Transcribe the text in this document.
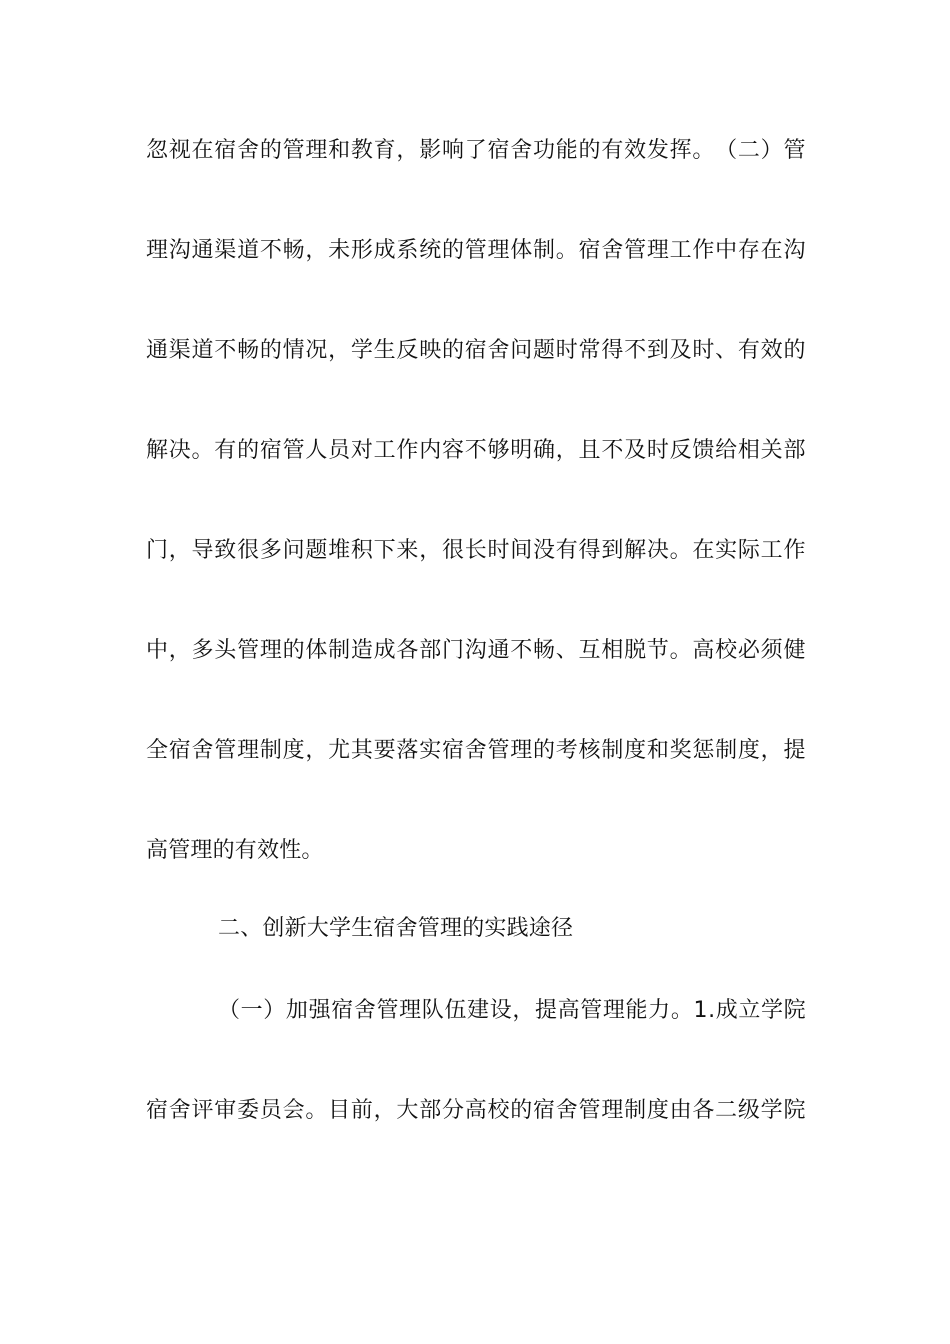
忽 视 在 宿 舍 的 管 理 和 教 育 ， 影 响 了 宿 舍 功 能 的 有 效 发 挥 。 （ 二 ） 管
理 沟 通 渠 道 不 畅 ， 未 形 成 系 统 的 管 理 体 制 。 宿 舍 管 理 工 作 中 存 在 沟
通 渠 道 不 畅 的 情 况 ， 学 生 反 映 的 宿 舍 问 题 时 常 得 不 到 及 时 、 有 效 的
解 决 。 有 的 宿 管 人 员 对 工 作 内 容 不 够 明 确 ， 且 不 及 时 反 馈 给 相 关 部
门 ， 导 致 很 多 问 题 堆 积 下 来 ， 很 长 时 间 没 有 得 到 解 决 。 在 实 际 工 作
中 ， 多 头 管 理 的 体 制 造 成 各 部 门 沟 通 不 畅 、 互 相 脱 节 。 高 校 必 须 健
全 宿 舍 管 理 制 度 ， 尤 其 要 落 实 宿 舍 管 理 的 考 核 制 度 和 奖 惩 制 度 ， 提
高管理的有效性。
二、创新大学生宿舍管理的实践途径
（ 一 ） 加 强 宿 舍 管 理 队 伍 建 设 ， 提 高 管 理 能 力 。 1 . 成 立 学 院
宿 舍 评 审 委 员 会 。 目 前 ， 大 部 分 高 校 的 宿 舍 管 理 制 度 由 各 二 级 学 院
